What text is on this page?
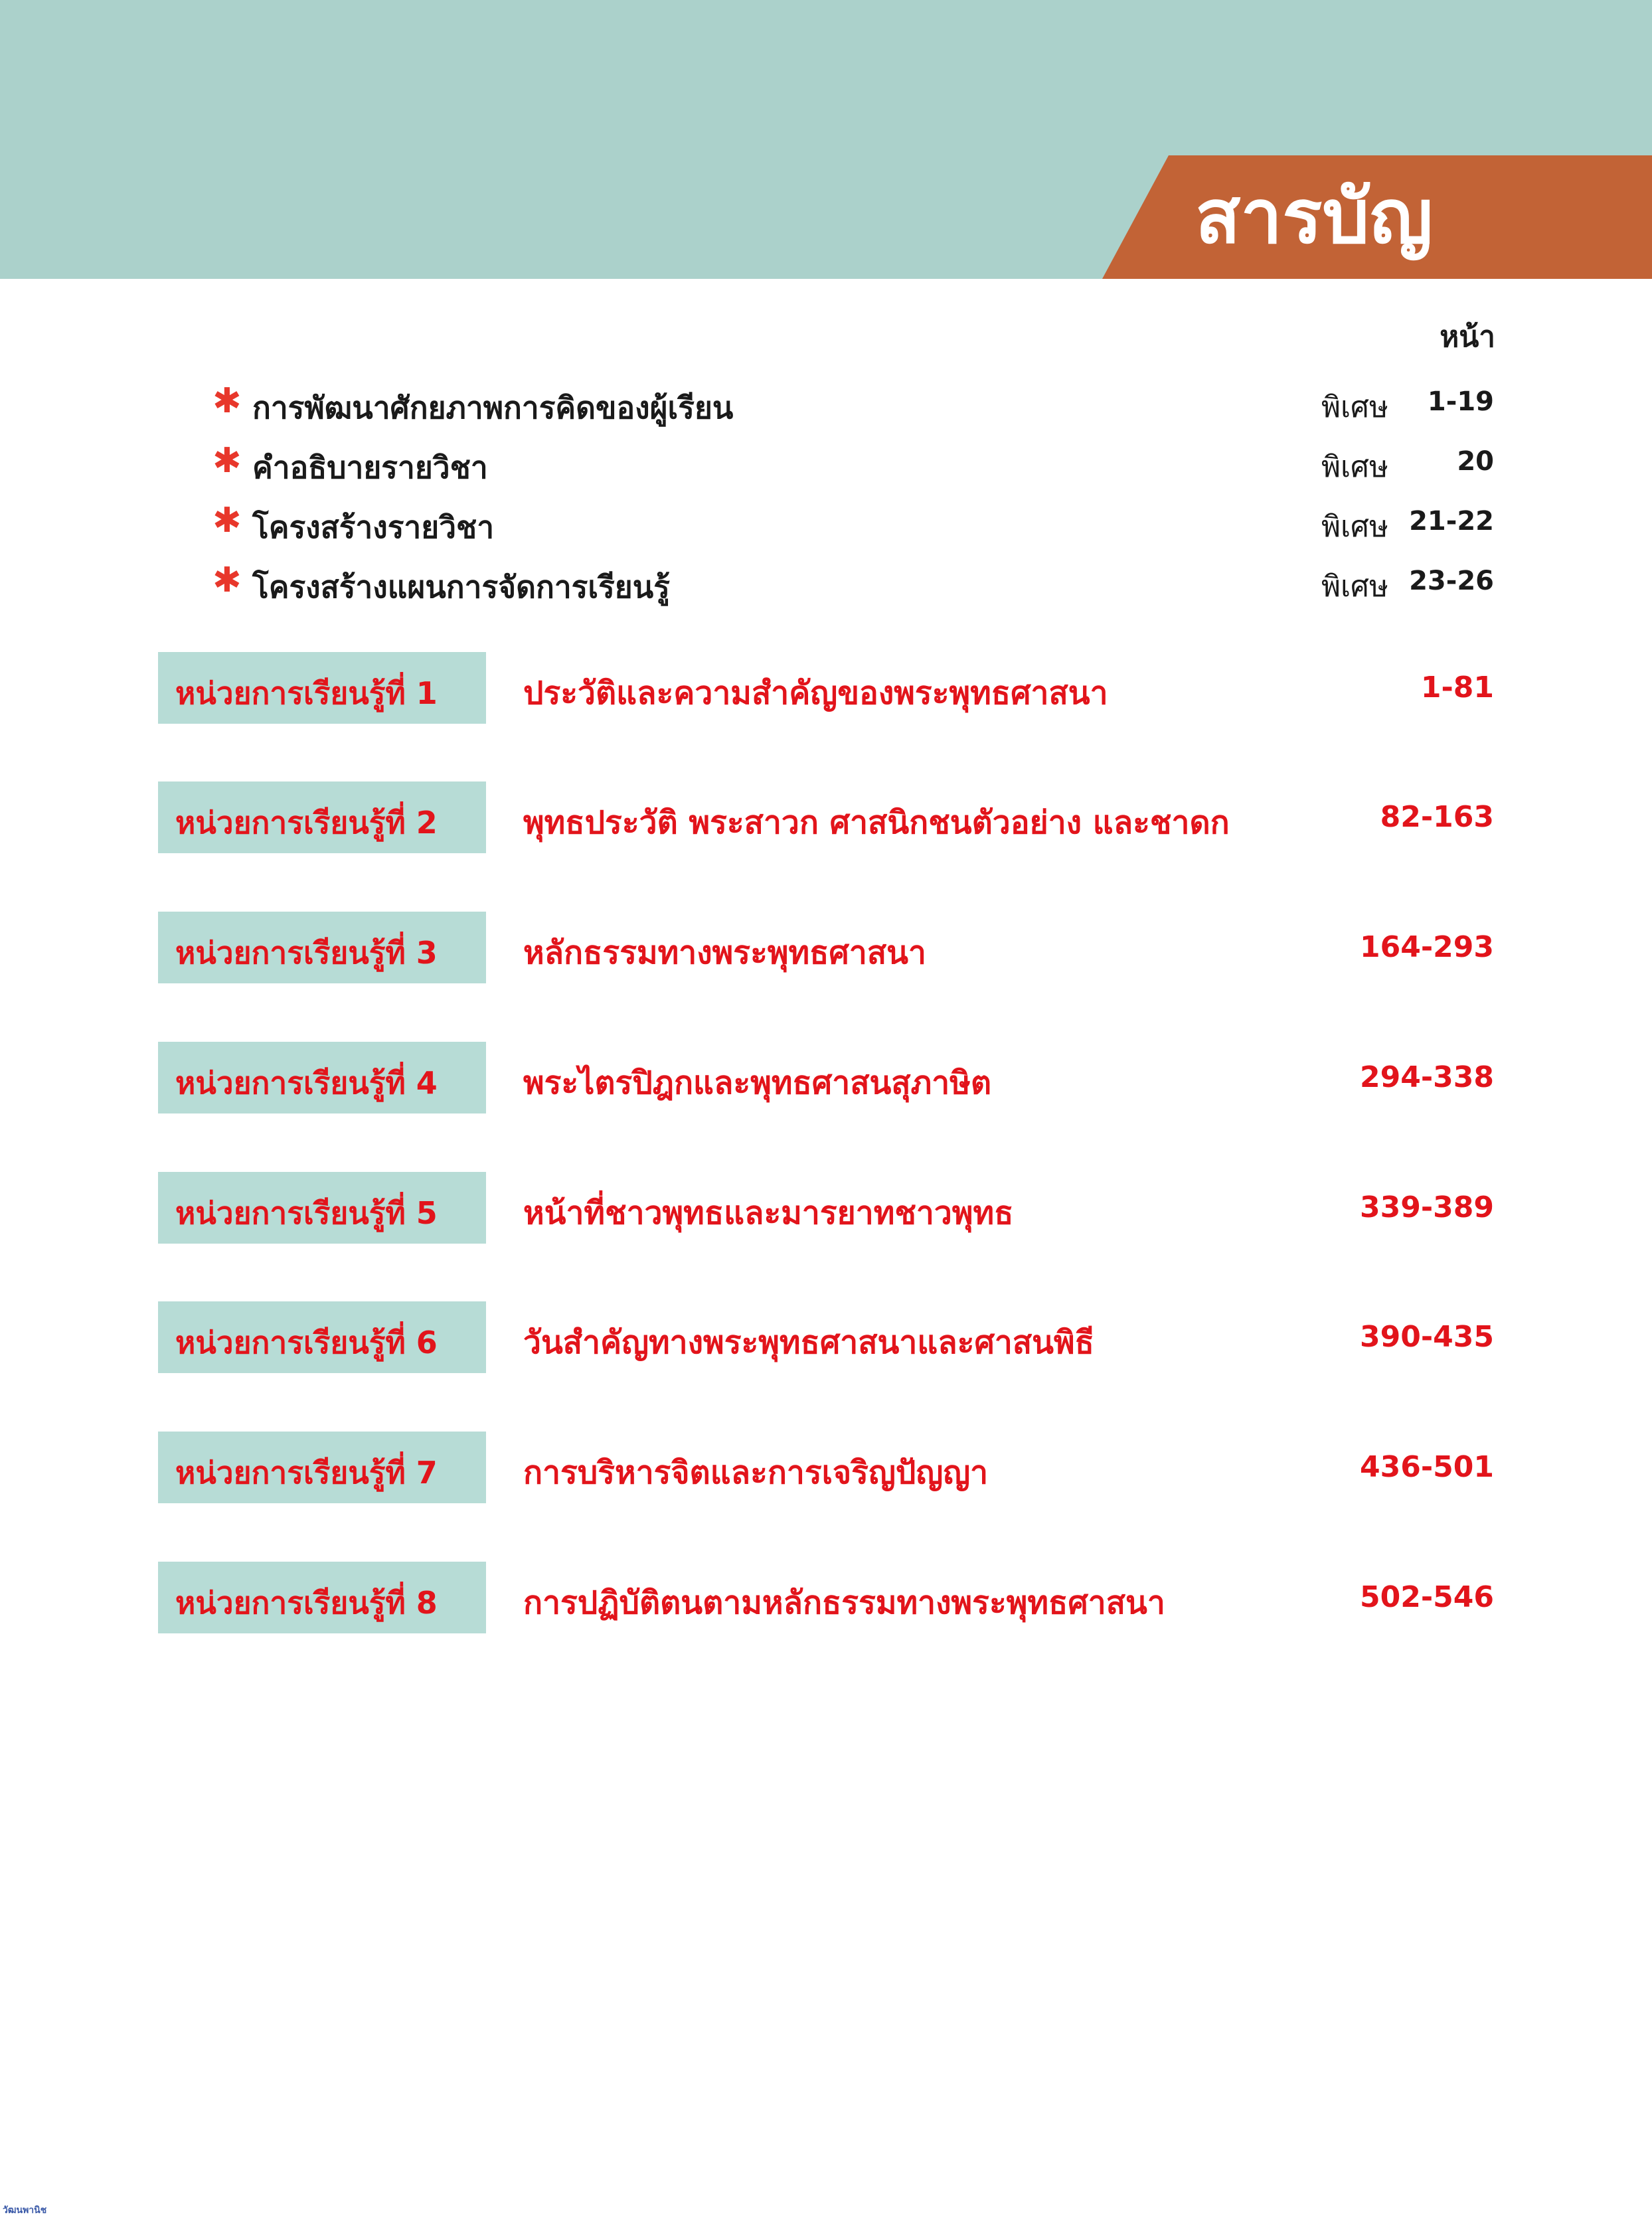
สารบัญ
หน้า
✱ การพัฒนาศักยภาพการคิดของผู้เรียน	พิเศษ 1-19
✱ คำอธิบายรายวิชา	พิเศษ	20
✱ โครงสร้างรายวิชา	พิเศษ 21-22
✱ โครงสร้างแผนการจัดการเรียนรู้	พิเศษ 23-26
หน่วยการเรียนรู้ที่ 1	ประวัติและความสำคัญของพระพุทธศาสนา	1-81
หน่วยการเรียนรู้ที่ 2	พุทธประวัติ พระสาวก ศาสนิกชนตัวอย่าง และชาดก	82-163
หน่วยการเรียนรู้ที่ 3	หลักธรรมทางพระพุทธศาสนา	164-293
หน่วยการเรียนรู้ที่ 4	พระไตรปิฎกและพุทธศาสนสุภาษิต	294-338
หน่วยการเรียนรู้ที่ 5	หน้าที่ชาวพุทธและมารยาทชาวพุทธ	339-389
หน่วยการเรียนรู้ที่ 6	วันสำคัญทางพระพุทธศาสนาและศาสนพิธี	390-435
หน่วยการเรียนรู้ที่ 7	การบริหารจิตและการเจริญปัญญา	436-501
หน่วยการเรียนรู้ที่ 8	การปฏิบัติตนตามหลักธรรมทางพระพุทธศาสนา	502-546
วัฒนพานิช
